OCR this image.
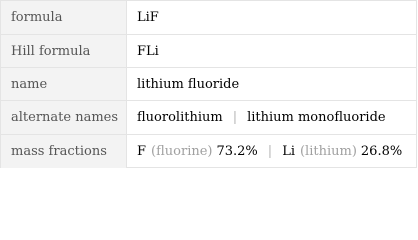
formula	LiF
Hill formula	FLi
name	lithium fluoride
alternate names	fluorolithium | lithium monofluoride
mass fractions	F (fluorine) 73.2% | Li (lithium) 26.8%
